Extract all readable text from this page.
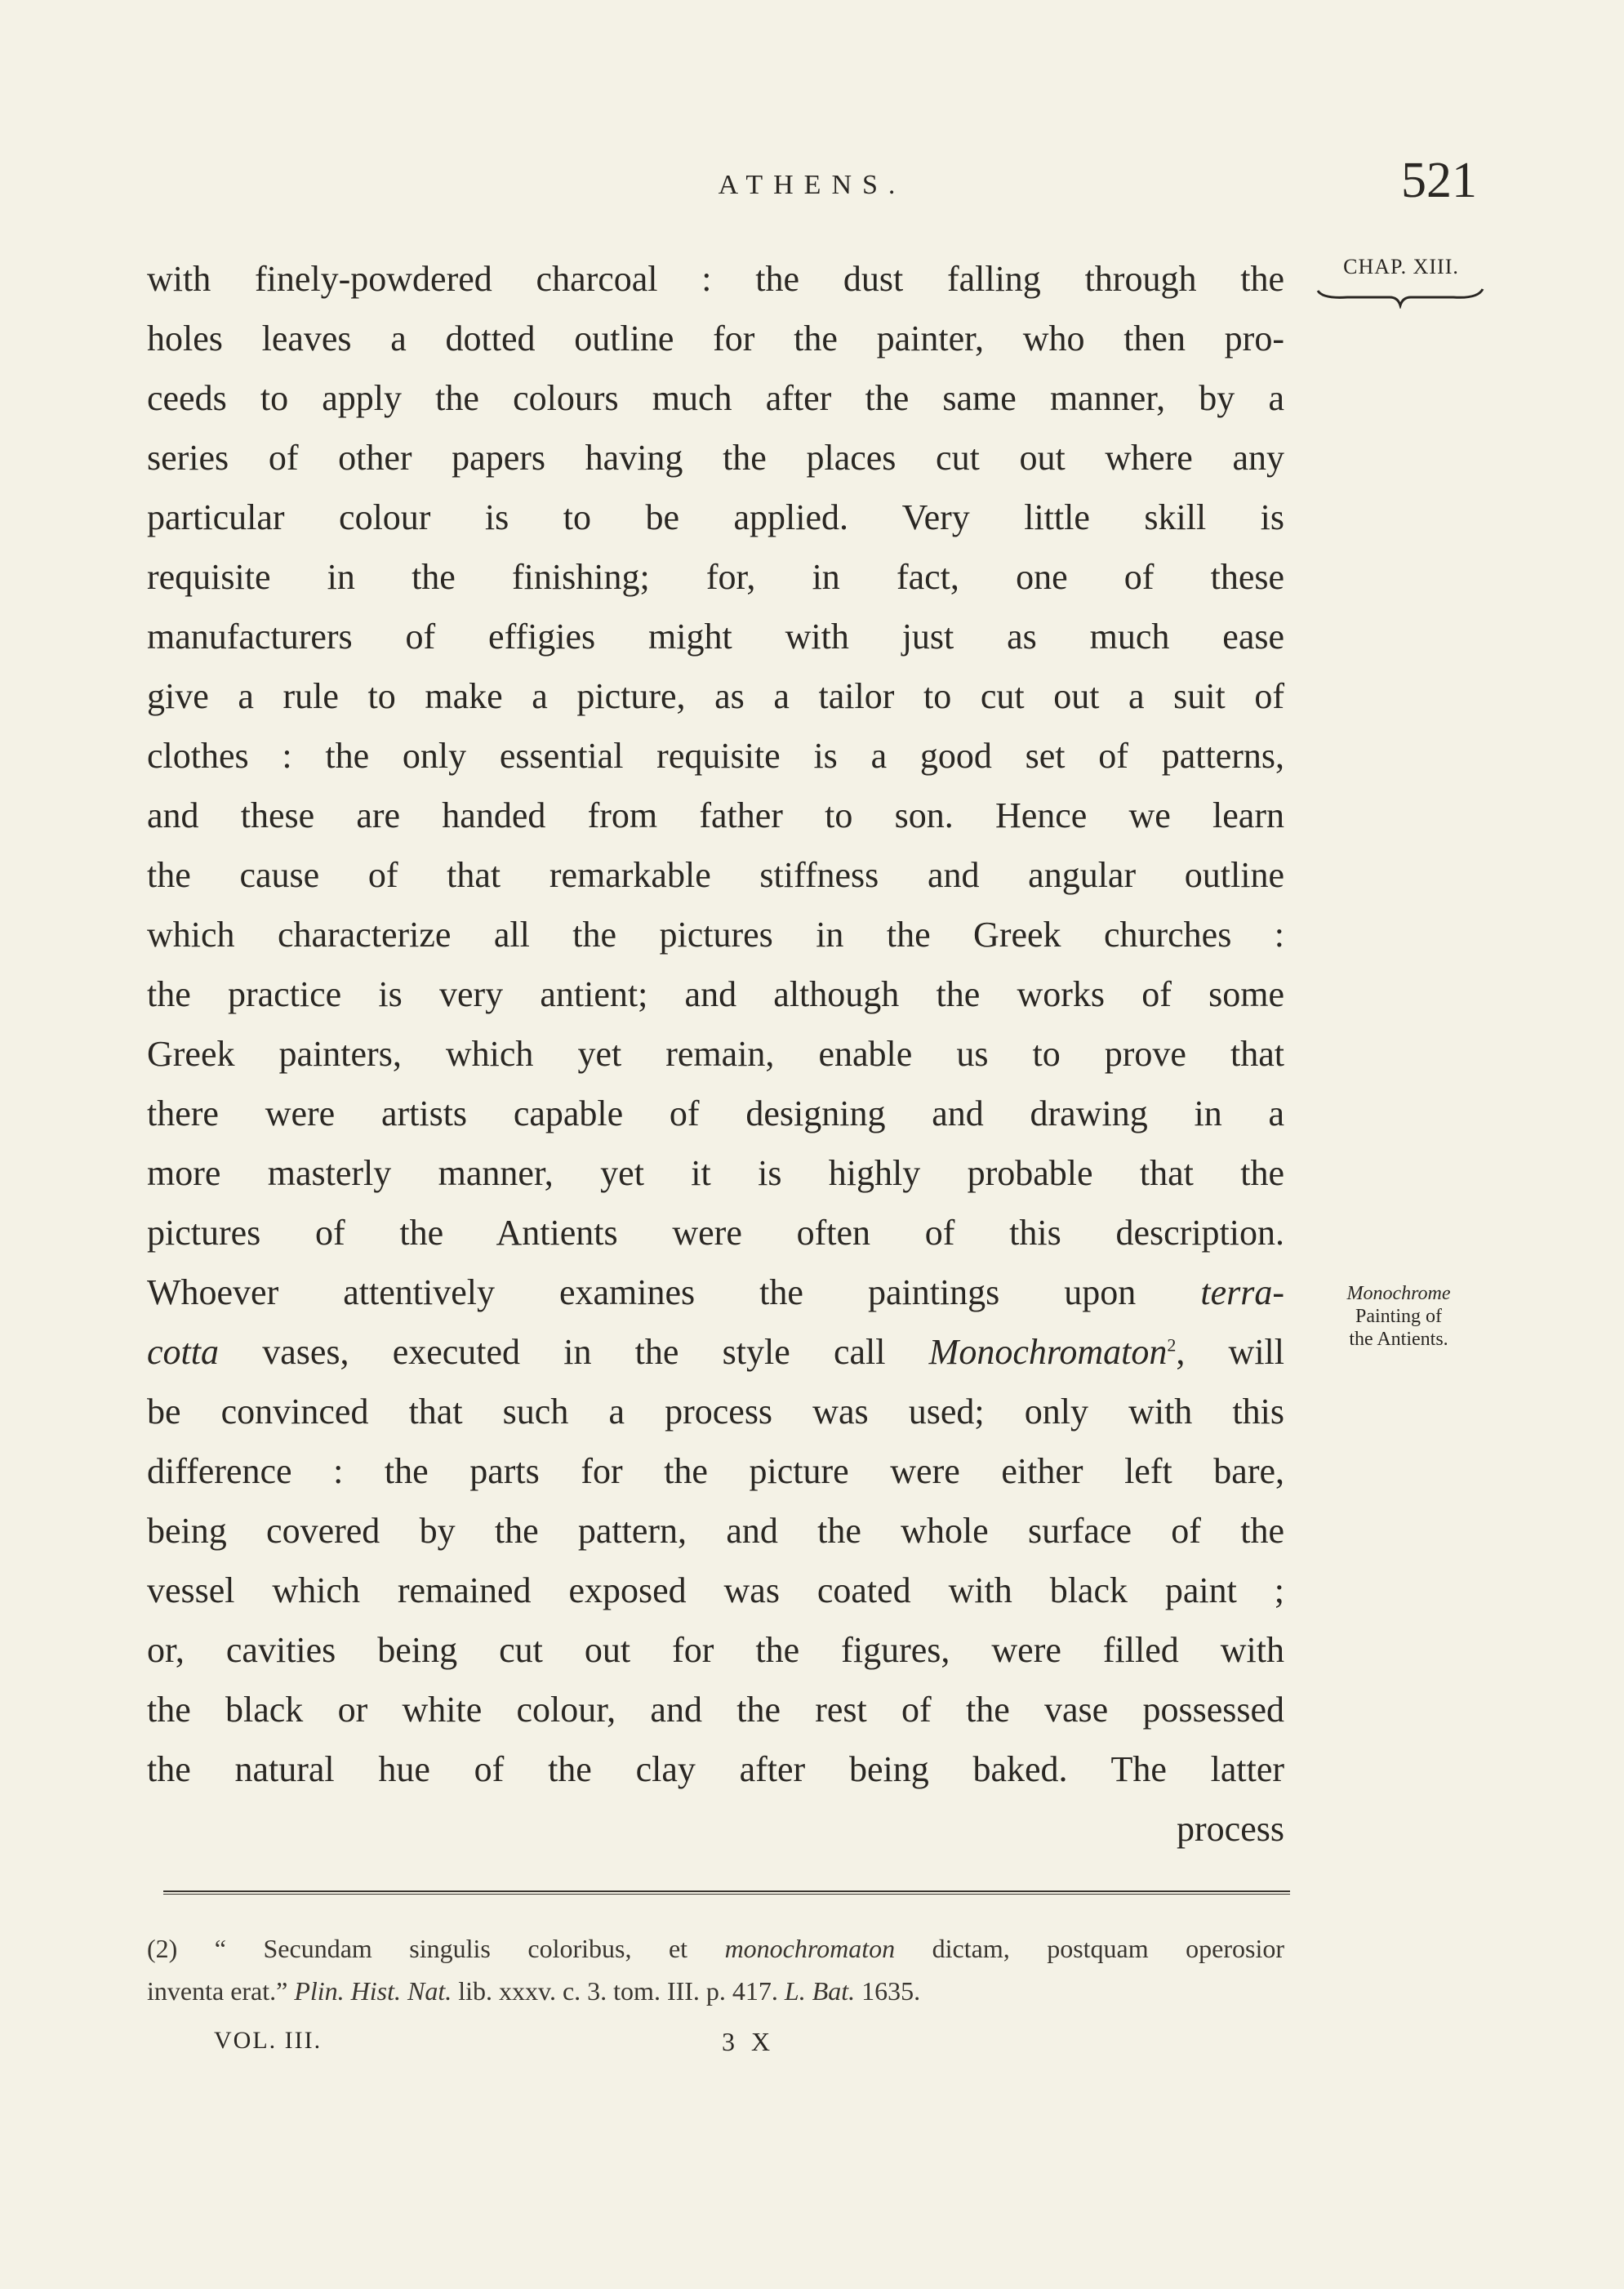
ATHENS.	521
CHAP. XIII.
with finely-powdered charcoal : the dust falling through the
holes leaves a dotted outline for the painter, who then pro-
ceeds to apply the colours much after the same manner, by a
series of other papers having the places cut out where any
particular colour is to be applied. Very little skill is
requisite in the finishing; for, in fact, one of these
manufacturers of effigies might with just as much ease
give a rule to make a picture, as a tailor to cut out a suit of
clothes : the only essential requisite is a good set of patterns,
and these are handed from father to son. Hence we learn
the cause of that remarkable stiffness and angular outline
which characterize all the pictures in the Greek churches :
the practice is very antient; and although the works of some
Greek painters, which yet remain, enable us to prove that
there were artists capable of designing and drawing in a
more masterly manner, yet it is highly probable that the
pictures of the Antients were often of this description.
Whoever attentively examines the paintings upon terra-
cotta vases, executed in the style call Monochromaton$^2$, will
be convinced that such a process was used; only with this
difference : the parts for the picture were either left bare,
being covered by the pattern, and the whole surface of the
vessel which remained exposed was coated with black paint ;
or, cavities being cut out for the figures, were filled with
the black or white colour, and the rest of the vase possessed
the natural hue of the clay after being baked. The latter
process
Monochrome
Painting of
the Antients.
(2) “ Secundam singulis coloribus, et monochromaton dictam, postquam operosior
inventa erat.” Plin. Hist. Nat. lib. xxxv. c. 3. tom. III. p. 417. L. Bat. 1635.
VOL. III.	3 X
